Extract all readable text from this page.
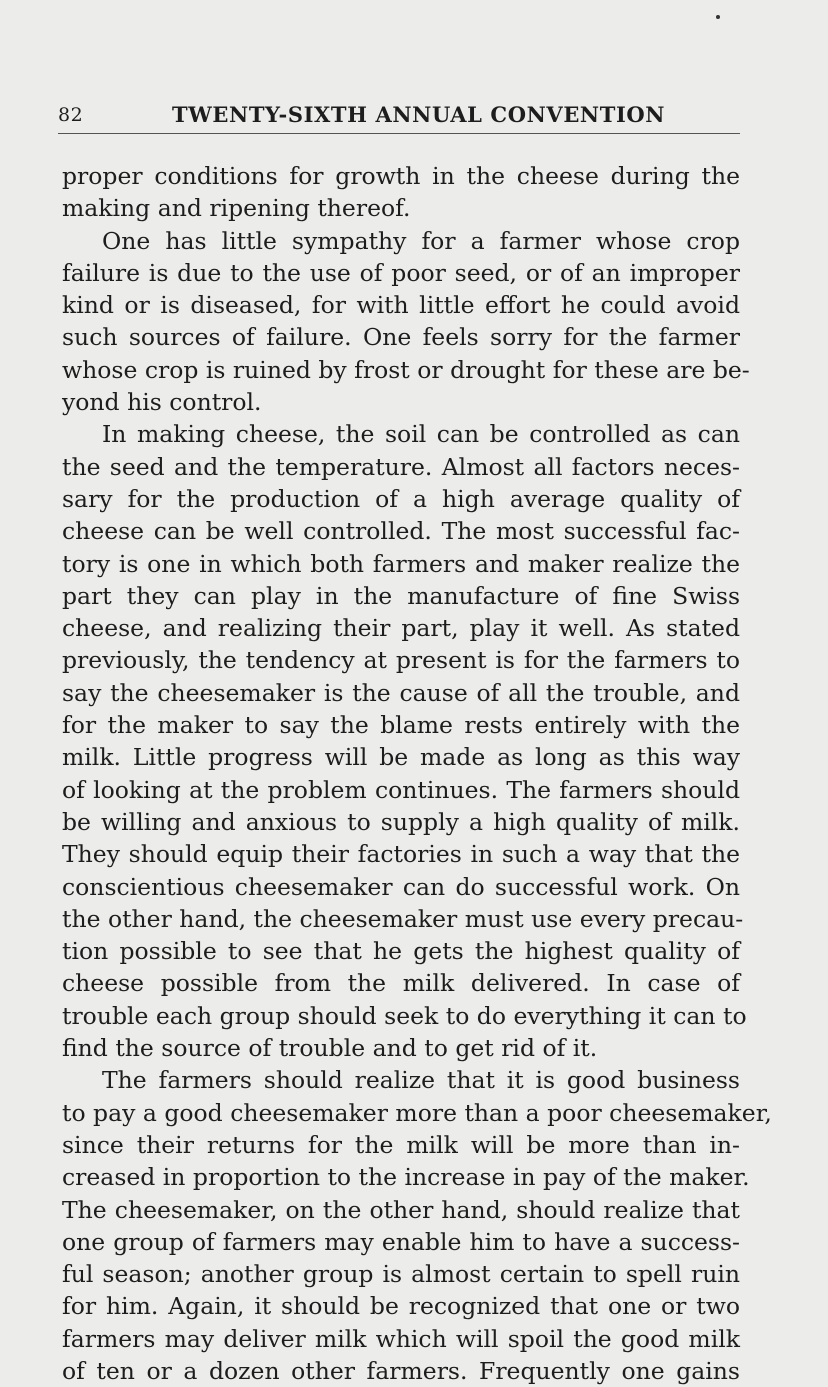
82	TWENTY-SIXTH ANNUAL CONVENTION
proper conditions for growth in the cheese during the
making and ripening thereof.
One has little sympathy for a farmer whose crop
failure is due to the use of poor seed, or of an improper
kind or is diseased, for with little effort he could avoid
such sources of failure. One feels sorry for the farmer
whose crop is ruined by frost or drought for these are be-
yond his control.
In making cheese, the soil can be controlled as can
the seed and the temperature. Almost all factors neces-
sary for the production of a high average quality of
cheese can be well controlled. The most successful fac-
tory is one in which both farmers and maker realize the
part they can play in the manufacture of fine Swiss
cheese, and realizing their part, play it well. As stated
previously, the tendency at present is for the farmers to
say the cheesemaker is the cause of all the trouble, and
for the maker to say the blame rests entirely with the
milk. Little progress will be made as long as this way
of looking at the problem continues. The farmers should
be willing and anxious to supply a high quality of milk.
They should equip their factories in such a way that the
conscientious cheesemaker can do successful work. On
the other hand, the cheesemaker must use every precau-
tion possible to see that he gets the highest quality of
cheese possible from the milk delivered. In case of
trouble each group should seek to do everything it can to
find the source of trouble and to get rid of it.
The farmers should realize that it is good business
to pay a good cheesemaker more than a poor cheesemaker,
since their returns for the milk will be more than in-
creased in proportion to the increase in pay of the maker.
The cheesemaker, on the other hand, should realize that
one group of farmers may enable him to have a success-
ful season; another group is almost certain to spell ruin
for him. Again, it should be recognized that one or two
farmers may deliver milk which will spoil the good milk
of ten or a dozen other farmers. Frequently one gains
